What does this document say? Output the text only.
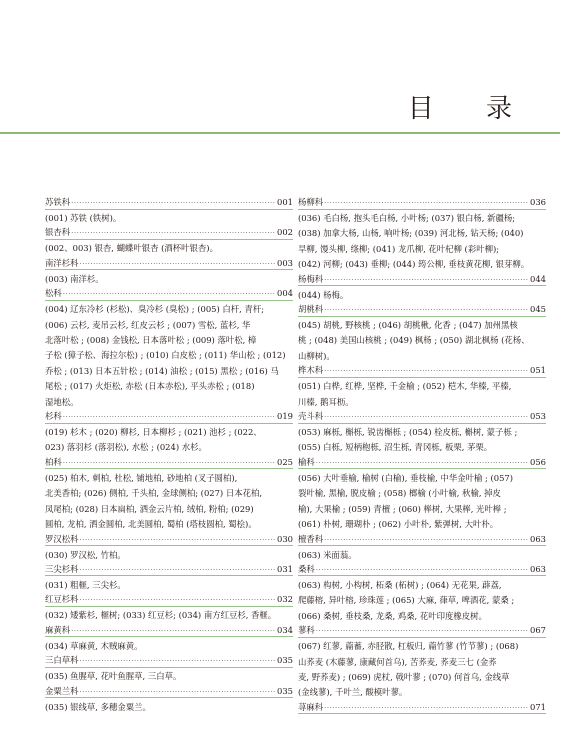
目 录
苏铁科 ·····	001
(001) 苏铁 (铁树)。
银杏科 ·····	002
(002、003) 银杏, 蝴蝶叶银杏 (酒杯叶银杏)。
南洋杉科 ·····	003
(003) 南洋杉。
松科 ·····	004
(004) 辽东冷杉 (杉松)、臭冷杉 (臭松) ; (005) 白杆, 青杆;
(006) 云杉, 麦吊云杉, 红皮云杉 ; (007) 雪松, 蓝杉, 华
北落叶松 ; (008) 金钱松, 日本落叶松 ; (009) 落叶松, 樟
子松 (獐子松、海拉尔松) ; (010) 白皮松 ; (011) 华山松 ; (012)
乔松 ; (013) 日本五针松 ; (014) 油松 ; (015) 黑松 ; (016) 马
尾松 ; (017) 火炬松, 赤松 (日本赤松), 平头赤松 ; (018)
湿地松。
杉科 ·····	019
(019) 杉木 ; (020) 柳杉, 日本柳杉 ; (021) 池杉 ; (022、
023) 落羽杉 (落羽松), 水松 ; (024) 水杉。
柏科 ·····	025
(025) 柏木, 刺柏, 杜松, 铺地柏, 砂地柏 (叉子圆柏),
北美香柏; (026) 侧柏, 千头柏, 金球侧柏; (027) 日本花柏,
凤尾柏; (028) 日本扁柏, 洒金云片柏, 绒柏, 粉柏; (029)
圆柏, 龙柏, 洒金圆柏, 北美圆柏, 蜀柏 (塔枝圆柏, 蜀桧)。
罗汉松科 ·····	030
(030) 罗汉松, 竹柏。
三尖杉科 ·····	031
(031) 粗榧, 三尖杉。
红豆杉科 ·····	032
(032) 矮紫杉, 榧树; (033) 红豆杉; (034) 南方红豆杉, 香榧。
麻黄科 ·····	034
(034) 草麻黄, 木贼麻黄。
三白草科 ·····	035
(035) 鱼腥草, 花叶鱼腥草, 三白草。
金粟兰科 ·····	035
(035) 银线草, 多穗金粟兰。
杨柳科 ·····	036
(036) 毛白杨, 抱头毛白杨, 小叶杨; (037) 银白杨, 新疆杨;
(038) 加拿大杨, 山杨, 响叶杨; (039) 河北杨, 钻天杨; (040)
旱柳, 馒头柳, 绦柳; (041) 龙爪柳, 花叶杞柳 (彩叶柳);
(042) 河柳; (043) 垂柳; (044) 筠公柳, 垂枝黄花柳, 银芽柳。
杨梅科 ·····	044
(044) 杨梅。
胡桃科 ·····	045
(045) 胡桃, 野核桃 ; (046) 胡桃楸, 化香 ; (047) 加州黑核
桃 ; (048) 美国山核桃 ; (049) 枫杨 ; (050) 湖北枫杨 (花杨、
山柳树)。
桦木科 ·····	051
(051) 白桦, 红桦, 坚桦, 千金榆 ; (052) 桤木, 华榛, 平榛,
川榛, 鹅耳枥。
壳斗科 ·····	053
(053) 麻栎, 槲栎, 锐齿槲栎 ; (054) 栓皮栎, 槲树, 蒙子栎 ;
(055) 白栎, 短柄枹栎, 沼生栎, 青冈栎, 板栗, 茅栗。
榆科 ·····	056
(056) 大叶垂榆, 榆树 (白榆), 垂枝榆, 中华金叶榆 ; (057)
裂叶榆, 黑榆, 脱皮榆 ; (058) 榔榆 (小叶榆, 秋榆, 掉皮
榆), 大果榆 ; (059) 青檀 ; (060) 榉树, 大果榉, 光叶榉 ;
(061) 朴树, 珊瑚朴 ; (062) 小叶朴, 紫弹树, 大叶朴。
檀香科 ·····	063
(063) 米面蓊。
桑科 ·····	063
(063) 构树, 小构树, 柘桑 (柘树) ; (064) 无花果, 薜荔,
爬藤榕, 异叶榕, 珍珠莲 ; (065) 大麻, 葎草, 啤酒花, 蒙桑 ;
(066) 桑树, 垂枝桑, 龙桑, 鸡桑, 花叶印度橡皮树。
蓼科 ·····	067
(067) 红蓼, 萹蓄, 赤胫散, 杠板归, 萹竹蓼 (竹节蓼) ; (068)
山荞麦 (木藤蓼, 康藏何首乌), 苦荞麦, 荞麦三七 (金荞
麦, 野荞麦) ; (069) 虎杖, 戟叶蓼 ; (070) 何首乌, 金线草
(金线蓼), 千叶兰, 酸模叶蓼。
荨麻科 ·····	071
